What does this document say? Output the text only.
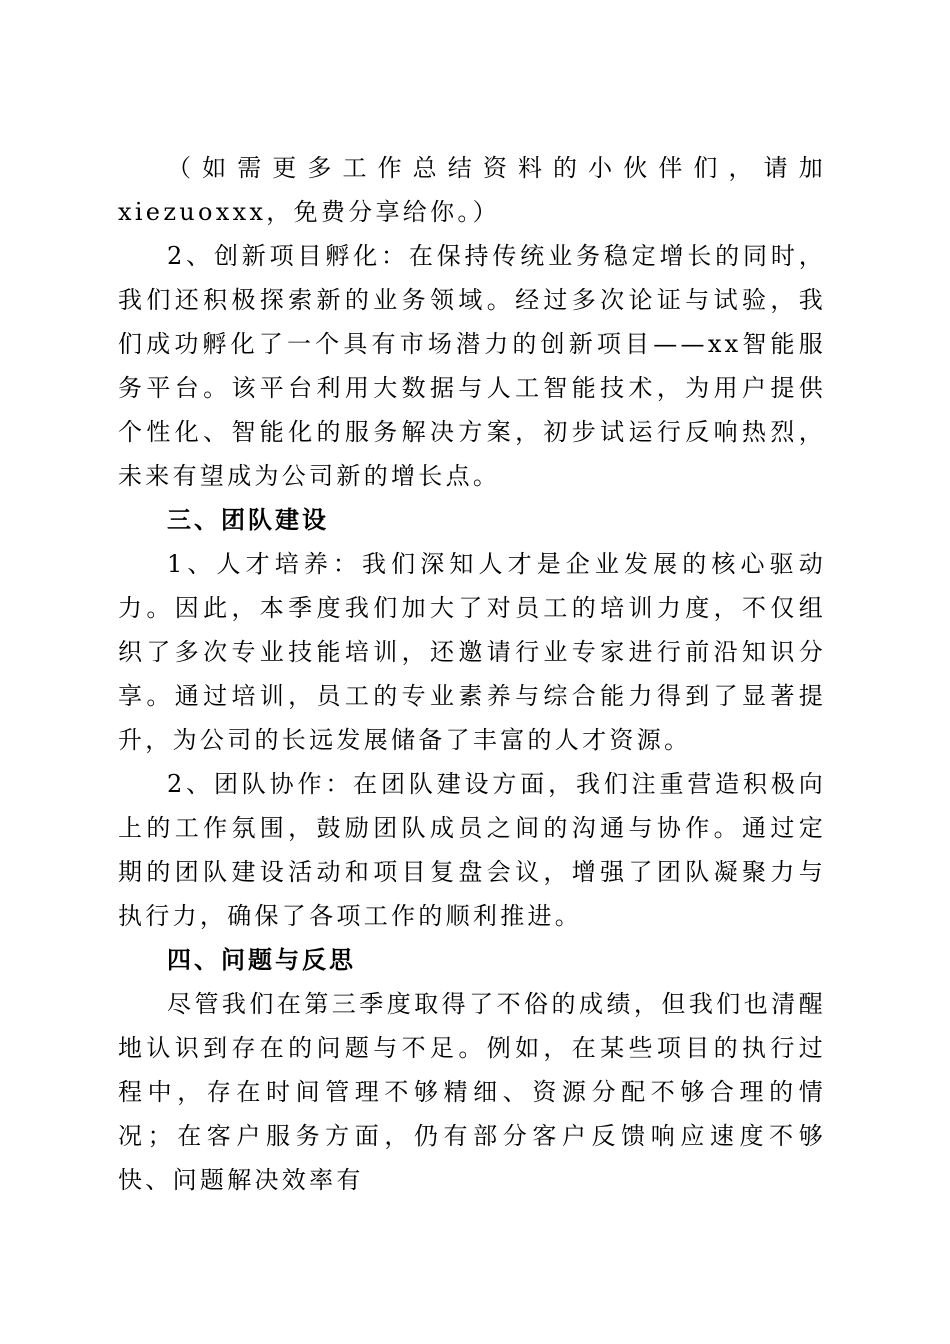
（如需更多工作总结资料的小伙伴们，请加xiezuoxxx，免费分享给你。）

2、创新项目孵化：在保持传统业务稳定增长的同时，我们还积极探索新的业务领域。经过多次论证与试验，我们成功孵化了一个具有市场潜力的创新项目——xx智能服务平台。该平台利用大数据与人工智能技术，为用户提供个性化、智能化的服务解决方案，初步试运行反响热烈，未来有望成为公司新的增长点。

三、团队建设

1、人才培养：我们深知人才是企业发展的核心驱动力。因此，本季度我们加大了对员工的培训力度，不仅组织了多次专业技能培训，还邀请行业专家进行前沿知识分享。通过培训，员工的专业素养与综合能力得到了显著提升，为公司的长远发展储备了丰富的人才资源。

2、团队协作：在团队建设方面，我们注重营造积极向上的工作氛围，鼓励团队成员之间的沟通与协作。通过定期的团队建设活动和项目复盘会议，增强了团队凝聚力与执行力，确保了各项工作的顺利推进。

四、问题与反思

尽管我们在第三季度取得了不俗的成绩，但我们也清醒地认识到存在的问题与不足。例如，在某些项目的执行过程中，存在时间管理不够精细、资源分配不够合理的情况；在客户服务方面，仍有部分客户反馈响应速度不够快、问题解决效率有
